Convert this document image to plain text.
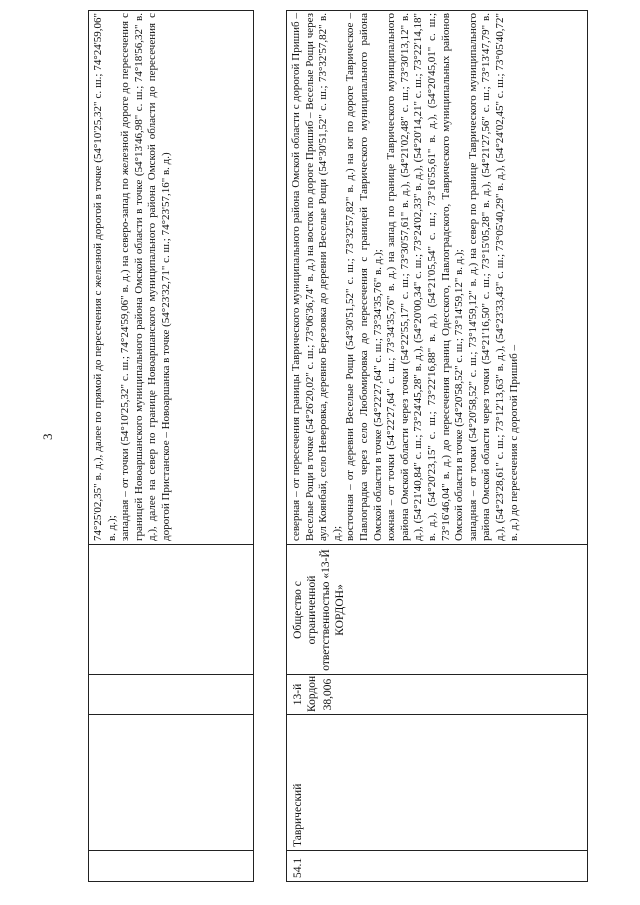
3	74°25'02,35" в. д.), далее по прямой до пересечения с железной дорогой в точке (54°10'25,32" с. ш.; 74°24'59,06" в. д.); западная – от точки (54°10'25,32" с. ш.; 74°24'59,06" в. д.) на северо-запад по железной дороге до пересечения с границей Новоаршанского муниципального района Омской области в точке (54°13'46,98" с. ш.; 74°18'56,32" в. д.), далее на север по границе Новоаршанского муниципального района Омской области до пересечения с дорогой Пристанское – Новоаршанка в точке (54°23'32,71" с. ш.; 74°23'57,16" в. д.)

54.1
Таврический
13-й Кордон 38,006
Общество с ограниченной ответственностью «13-Й КОРДОН»

северная – от пересечения границы Таврического муниципального района Омской области с дорогой Пришиб – Веселые Рощи в точке (54°26'20,02" с. ш.; 73°06'36,74" в. д.) на восток по дороге Пришиб – Веселые Рощи через аул Коянбай, село Неверовка, деревню Березовка до деревни Веселые Рощи (54°30'51,52" с. ш.; 73°32'57,82" в. д.); восточная – от деревни Веселые Рощи (54°30'51,52" с. ш.; 73°32'57,82" в. д.) на юг по дороге Таврическое – Павлоградка через село Любомировка до пересечения с границей Таврического муниципального района Омской области в точке (54°22'27,64" с. ш.; 73°34'35,76" в. д.); южная – от точки (54°22'27,64" с. ш.; 73°34'35,76" в. д.) на запад по границе Таврического муниципального района Омской области через точки (54°22'55,17" с. ш.; 73°30'57,61" в. д.), (54°21'02,48" с. ш.; 73°30'13,12" в. д.), (54°21'40,84" с. ш.; 73°24'45,28" в. д.), (54°20'00,34" с. ш.; 73°24'02,33" в. д.), (54°20'14,21" с. ш.; 73°22'14,18" в. д.), (54°20'23,15" с. ш.; 73°22'16,88" в. д.), (54°21'05,54" с. ш.; 73°16'55,61" в. д.), (54°20'45,01" с. ш.; 73°16'46,04" в. д.) до пересечения границ Одесского, Павлоградского, Таврического муниципальных районов Омской области в точке (54°20'58,52" с. ш.; 73°14'59,12" в. д.); западная – от точки (54°20'58,52" с. ш.; 73°14'59,12" в. д.) на север по границе Таврического муниципального района Омской области через точки (54°21'16,50" с. ш.; 73°15'05,28" в. д.), (54°21'27,56" с. ш.; 73°13'47,79" в. д.), (54°23'28,61" с. ш.; 73°12'13,63" в. д.), (54°23'33,43" с. ш.; 73°05'40,29" в. д.), (54°24'02,45" с. ш.; 73°05'40,72" в. д.) до пересечения с дорогой Пришиб –
